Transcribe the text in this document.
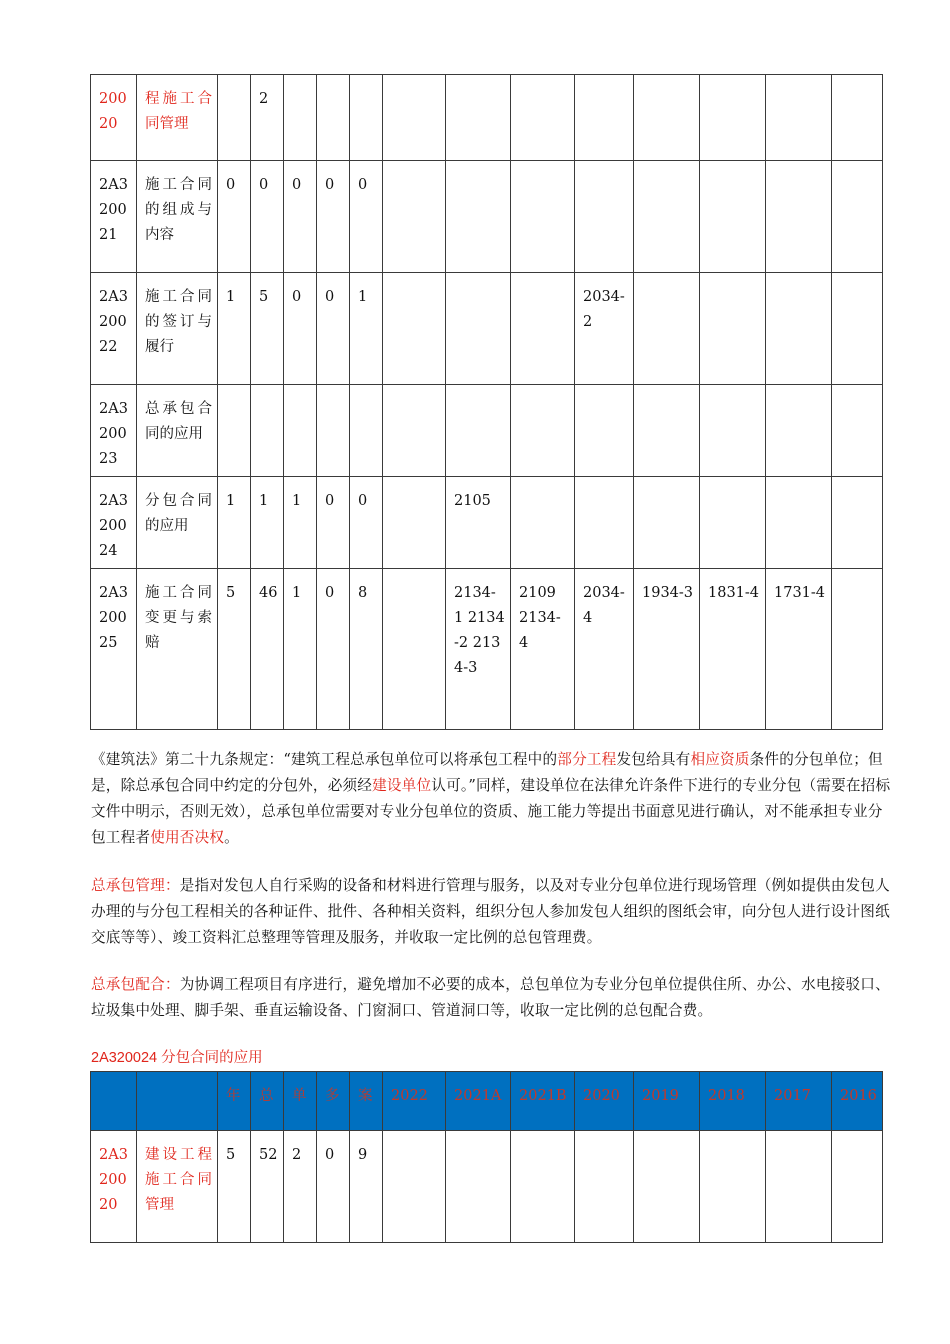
20020	程施工合同管理		2											
2A320021	施工合同的组成与内容	0	0	0	0	0								
2A320022	施工合同的签订与履行	1	5	0	0	1				2034-2				
2A320023	总承包合同的应用													
2A320024	分包合同的应用	1	1	1	0	0		2105						
2A320025	施工合同变更与索赔	5	46	1	0	8		2134-1 2134-2 2134-3	2109 2134-4	2034-4	1934-3	1831-4	1731-4	

《建筑法》第二十九条规定：“建筑工程总承包单位可以将承包工程中的部分工程发包给具有相应资质条件的分包单位；但是，除总承包合同中约定的分包外，必须经建设单位认可。”同样，建设单位在法律允许条件下进行的专业分包（需要在招标文件中明示，否则无效），总承包单位需要对专业分包单位的资质、施工能力等提出书面意见进行确认，对不能承担专业分包工程者使用否决权。

总承包管理：是指对发包人自行采购的设备和材料进行管理与服务，以及对专业分包单位进行现场管理（例如提供由发包人办理的与分包工程相关的各种证件、批件、各种相关资料，组织分包人参加发包人组织的图纸会审，向分包人进行设计图纸交底等等）、竣工资料汇总整理等管理及服务，并收取一定比例的总包管理费。

总承包配合：为协调工程项目有序进行，避免增加不必要的成本，总包单位为专业分包单位提供住所、办公、水电接驳口、垃圾集中处理、脚手架、垂直运输设备、门窗洞口、管道洞口等，收取一定比例的总包配合费。

2A320024 分包合同的应用

		年	总	单	多	案	2022	2021A	2021B	2020	2019	2018	2017	2016
2A320020	建设工程施工合同管理	5	52	2	0	9								
